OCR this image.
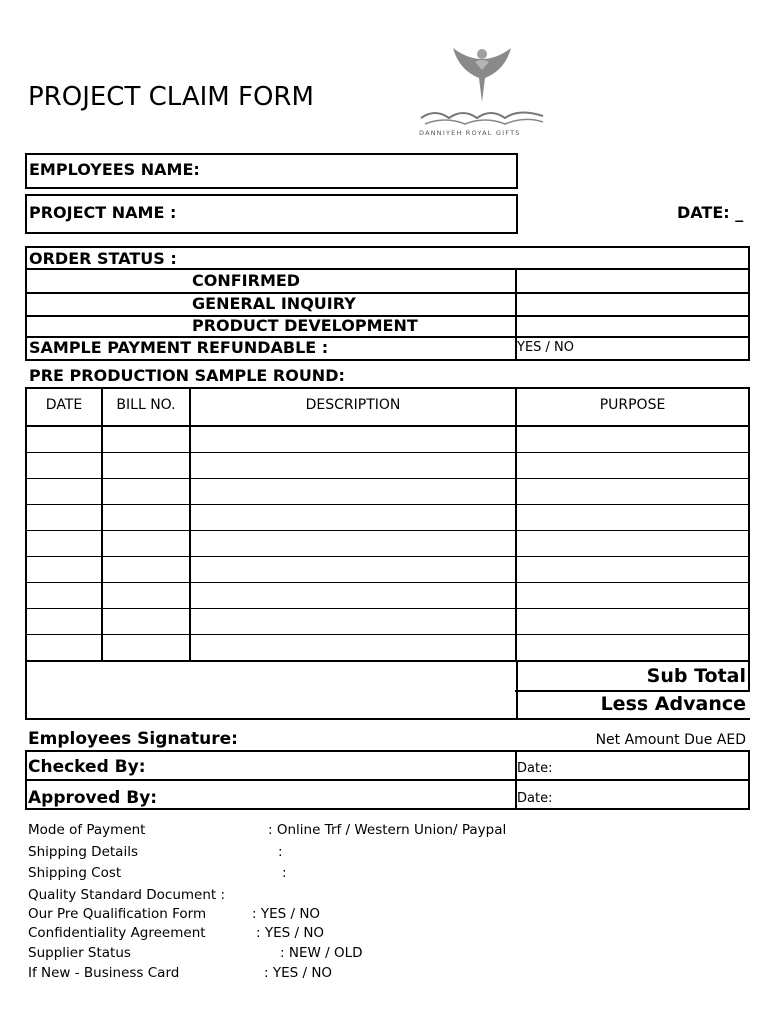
PROJECT CLAIM FORM
DANNIYEH ROYAL GIFTS
EMPLOYEES NAME:
PROJECT NAME :	DATE: _
ORDER STATUS :
CONFIRMED
GENERAL INQUIRY
PRODUCT DEVELOPMENT
SAMPLE PAYMENT REFUNDABLE :	YES / NO
PRE PRODUCTION SAMPLE ROUND:
DATE	BILL NO.	DESCRIPTION	PURPOSE
Sub Total
Less Advance
Employees Signature:	Net Amount Due AED
Checked By:	Date:
Approved By:	Date:
Mode of Payment	: Online Trf / Western Union/ Paypal
Shipping Details	:
Shipping Cost	:
Quality Standard Document :
Our Pre Qualification Form	: YES / NO
Confidentiality Agreement	: YES / NO
Supplier Status	: NEW / OLD
If New - Business Card	: YES / NO
